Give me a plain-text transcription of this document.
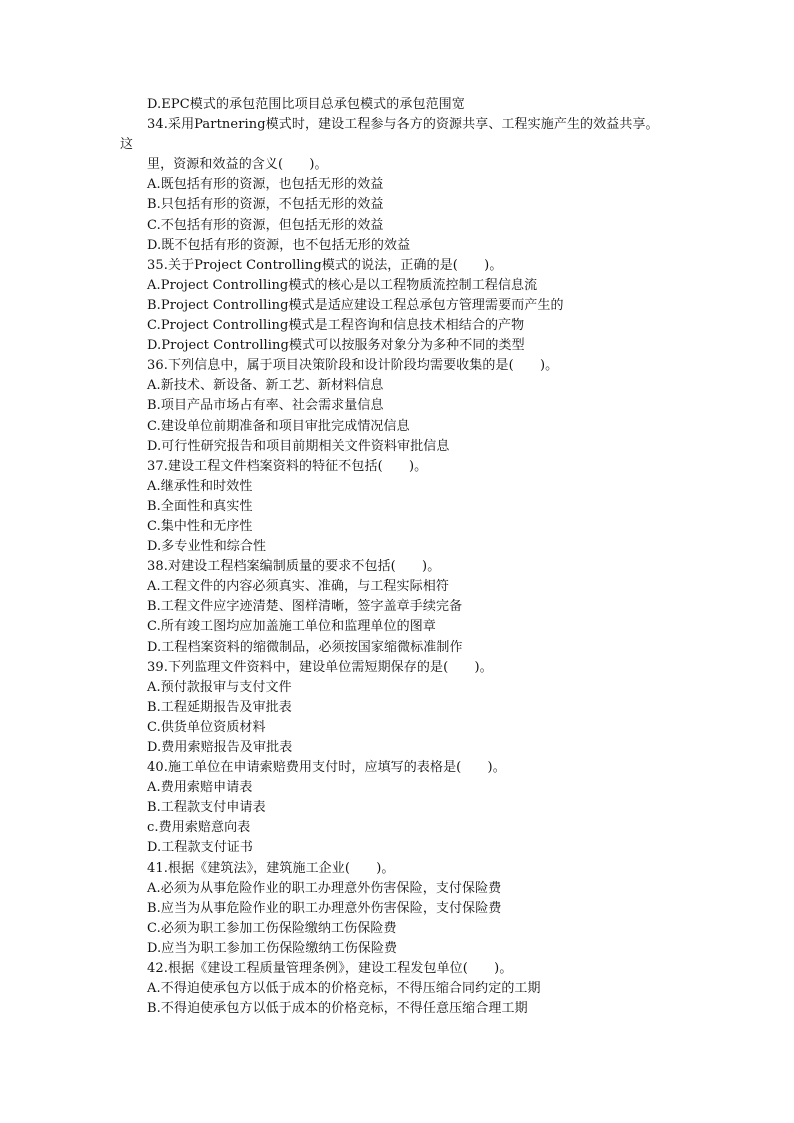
D.EPC模式的承包范围比项目总承包模式的承包范围宽
34.采用Partnering模式时，建设工程参与各方的资源共享、工程实施产生的效益共享。
这
里，资源和效益的含义(　　)。
A.既包括有形的资源，也包括无形的效益
B.只包括有形的资源，不包括无形的效益
C.不包括有形的资源，但包括无形的效益
D.既不包括有形的资源，也不包括无形的效益
35.关于Project Controlling模式的说法，正确的是(　　)。
A.Project Controlling模式的核心是以工程物质流控制工程信息流
B.Project Controlling模式是适应建设工程总承包方管理需要而产生的
C.Project Controlling模式是工程咨询和信息技术相结合的产物
D.Project Controlling模式可以按服务对象分为多种不同的类型
36.下列信息中，属于项目决策阶段和设计阶段均需要收集的是(　　)。
A.新技术、新设备、新工艺、新材料信息
B.项目产品市场占有率、社会需求量信息
C.建设单位前期准备和项目审批完成情况信息
D.可行性研究报告和项目前期相关文件资料审批信息
37.建设工程文件档案资料的特征不包括(　　)。
A.继承性和时效性
B.全面性和真实性
C.集中性和无序性
D.多专业性和综合性
38.对建设工程档案编制质量的要求不包括(　　)。
A.工程文件的内容必须真实、准确，与工程实际相符
B.工程文件应字迹清楚、图样清晰，签字盖章手续完备
C.所有竣工图均应加盖施工单位和监理单位的图章
D.工程档案资料的缩微制品，必须按国家缩微标准制作
39.下列监理文件资料中，建设单位需短期保存的是(　　)。
A.预付款报审与支付文件
B.工程延期报告及审批表
C.供货单位资质材料
D.费用索赔报告及审批表
40.施工单位在申请索赔费用支付时，应填写的表格是(　　)。
A.费用索赔申请表
B.工程款支付申请表
c.费用索赔意向表
D.工程款支付证书
41.根据《建筑法》，建筑施工企业(　　)。
A.必须为从事危险作业的职工办理意外伤害保险，支付保险费
B.应当为从事危险作业的职工办理意外伤害保险，支付保险费
C.必须为职工参加工伤保险缴纳工伤保险费
D.应当为职工参加工伤保险缴纳工伤保险费
42.根据《建设工程质量管理条例》，建设工程发包单位(　　)。
A.不得迫使承包方以低于成本的价格竞标，不得压缩合同约定的工期
B.不得迫使承包方以低于成本的价格竞标，不得任意压缩合理工期
